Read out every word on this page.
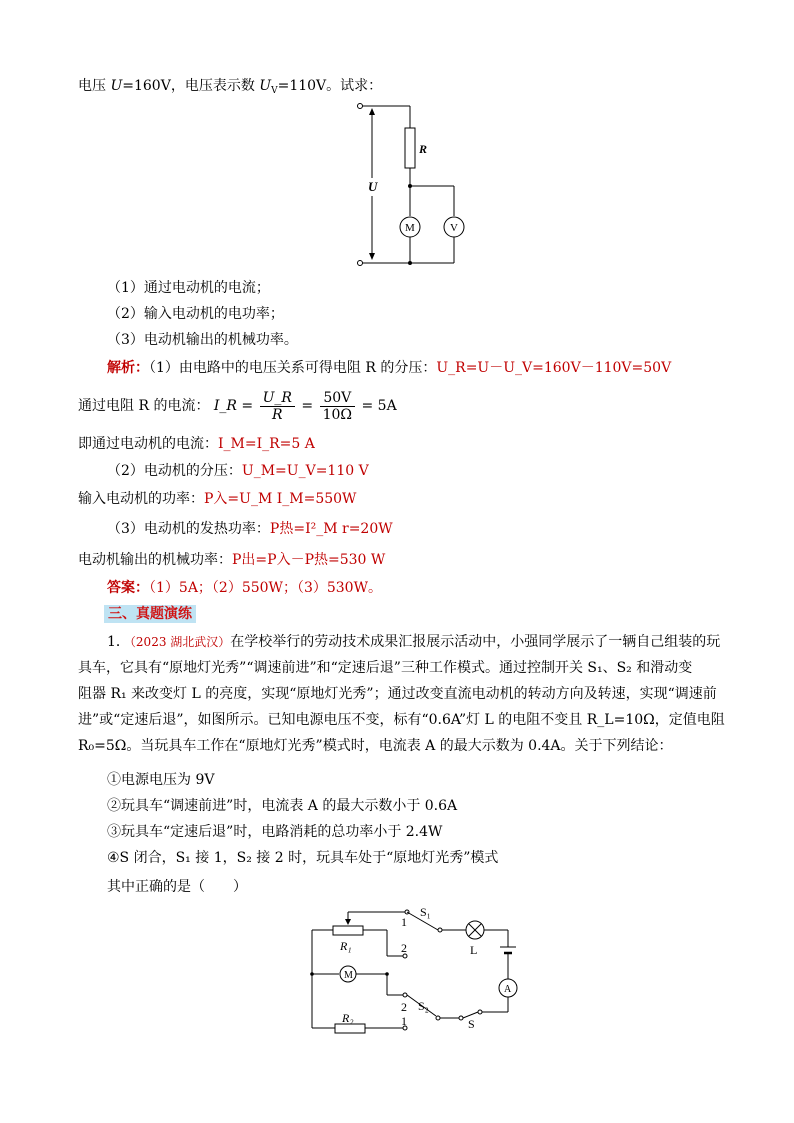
电压 U=160V，电压表示数 $U_V=110V$。试求：
U
R
M	V
（1）通过电动机的电流；
（2）输入电动机的电功率；
（3）电动机输出的机械功率。
解析：（1）由电路中的电压关系可得电阻 R 的分压：U_R=U－U_V=160V－110V=50V
通过电阻 R 的电流： I_R = $\frac{U\_R}{R} = \frac{50V}{10\Omega} = 5A$
即通过电动机的电流：I_M=I_R=5 A
（2）电动机的分压：U_M=U_V=110 V
输入电动机的功率：P入=U_M I_M=550W
（3）电动机的发热功率：P热=I²_M r=20W
电动机输出的机械功率：P出=P入－P热=530 W
答案：（1）5A；（2）550W；（3）530W。
三、真题演练
1．（2023 湖北武汉）在学校举行的劳动技术成果汇报展示活动中，小强同学展示了一辆自己组装的玩
具车，它具有“原地灯光秀”“调速前进”和“定速后退”三种工作模式。通过控制开关 S₁、S₂ 和滑动变
阻器 R₁ 来改变灯 L 的亮度，实现“原地灯光秀”；通过改变直流电动机的转动方向及转速，实现“调速前
进”或“定速后退”，如图所示。已知电源电压不变，标有“0.6A”灯 L 的电阻不变且 R_L=10Ω，定值电阻
R₀=5Ω。当玩具车工作在“原地灯光秀”模式时，电流表 A 的最大示数为 0.4A。关于下列结论：
①电源电压为 9V
②玩具车“调速前进”时，电流表 A 的最大示数小于 0.6A
③玩具车“定速后退”时，电路消耗的总功率小于 2.4W
④S 闭合，S₁ 接 1，S₂ 接 2 时，玩具车处于“原地灯光秀”模式
其中正确的是（　　）
R₁
R₂
M
L
A
S
S₁
S₂
1
2
2
1
